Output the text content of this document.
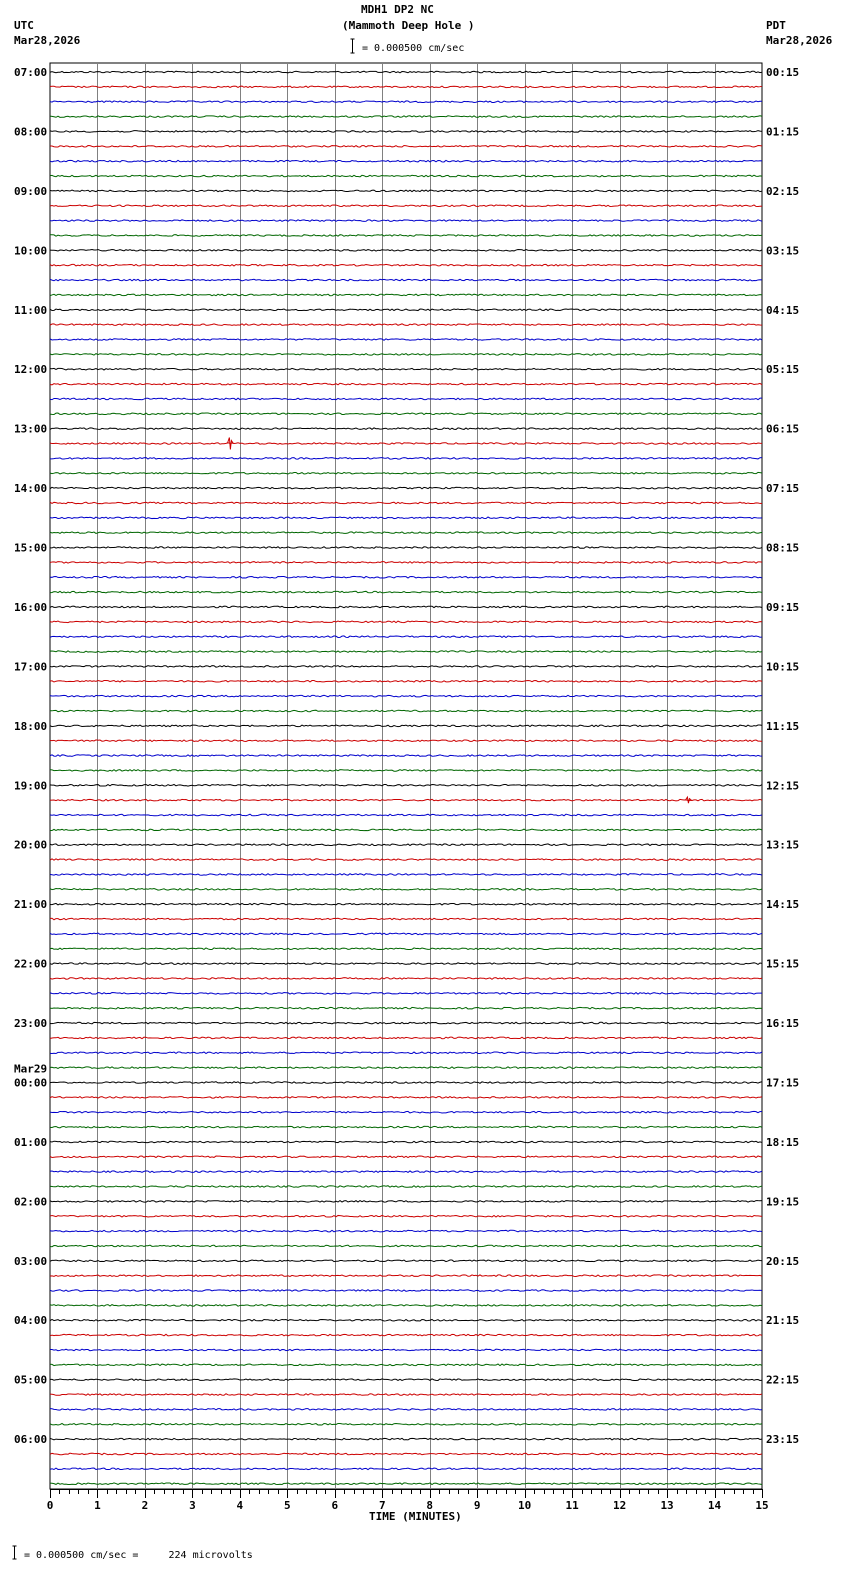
07:00
08:00
09:00
10:00
11:00
12:00
13:00
14:00
15:00
16:00
17:00
18:00
19:00
20:00
21:00
22:00
23:00
00:00
Mar29
01:00
02:00
03:00
04:00
05:00
06:00
00:15
01:15
02:15
03:15
04:15
05:15
06:15
07:15
08:15
09:15
10:15
11:15
12:15
13:15
14:15
15:15
16:15
17:15
18:15
19:15
20:15
21:15
22:15
23:15
0	1	2	3	4	5	6	7	8	9	10	11	12	13	14	15
MDH1 DP2 NC
(Mammoth Deep Hole )
= 0.000500 cm/sec
UTC
Mar28,2026
PDT
Mar28,2026
TIME (MINUTES)
= 0.000500 cm/sec =     224 microvolts
